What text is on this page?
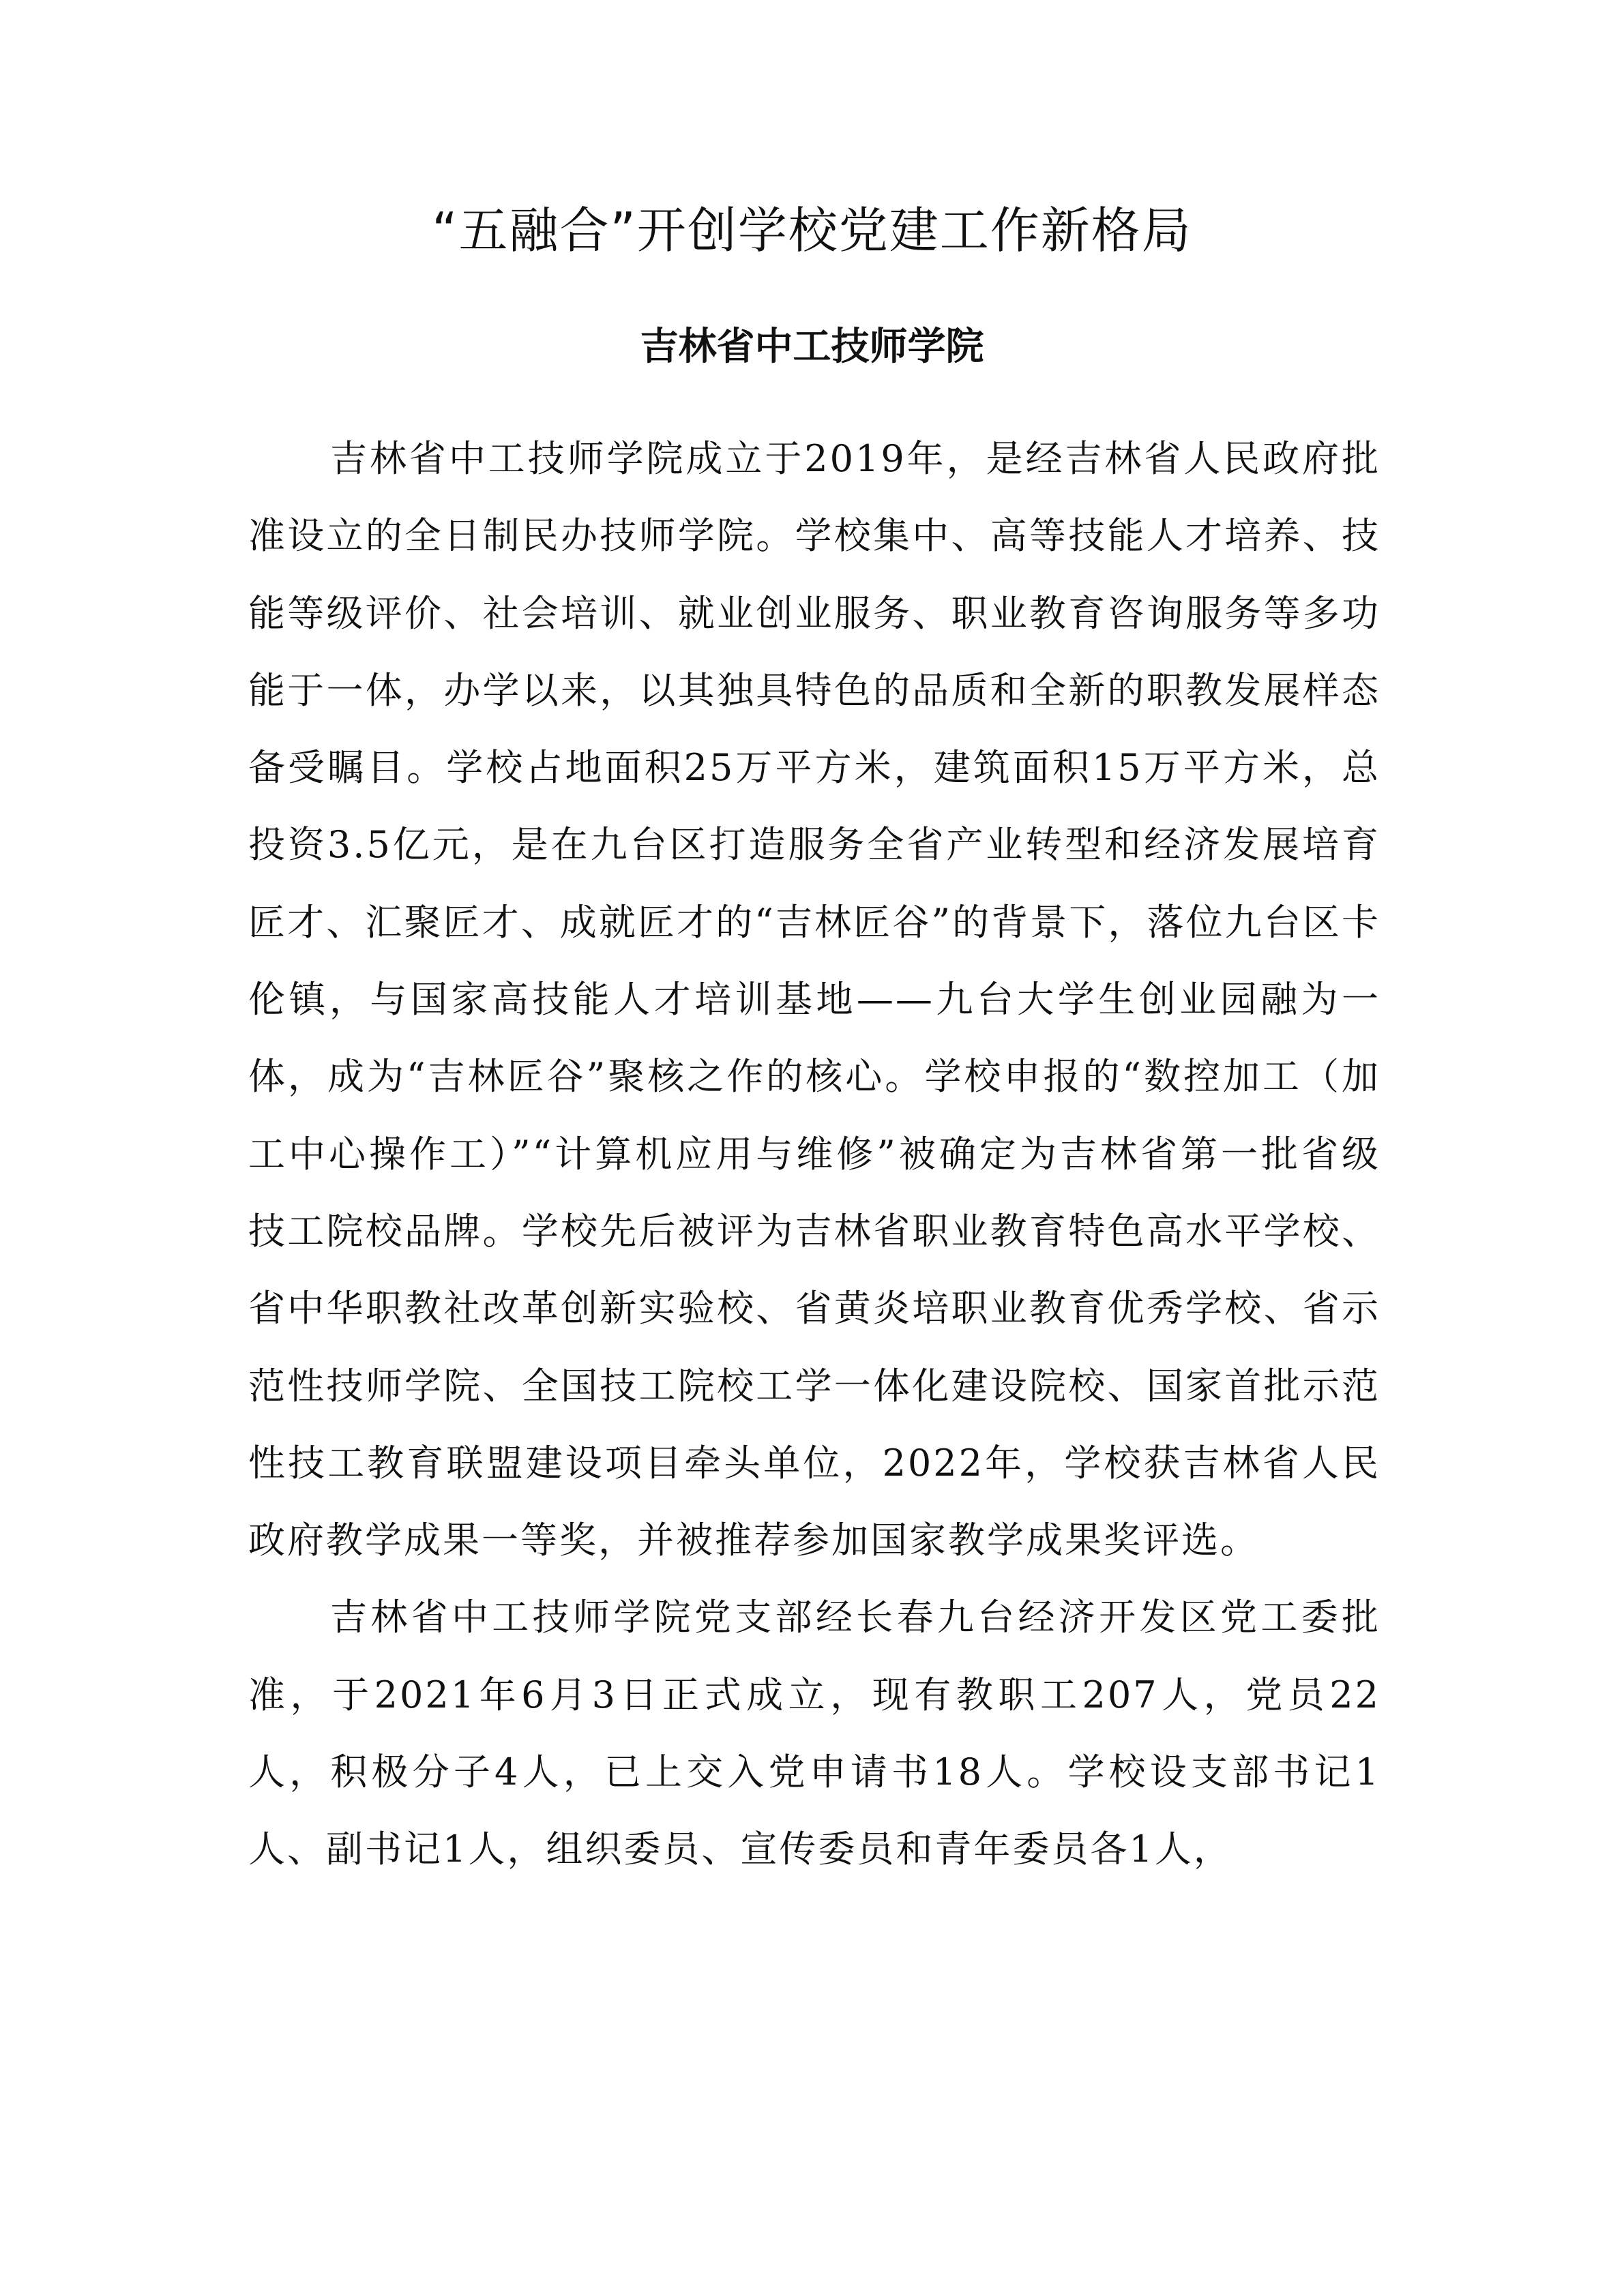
“五融合”开创学校党建工作新格局
吉林省中工技师学院

吉林省中工技师学院成立于2019年，是经吉林省人民政府批准设立的全日制民办技师学院。学校集中、高等技能人才培养、技能等级评价、社会培训、就业创业服务、职业教育咨询服务等多功能于一体，办学以来，以其独具特色的品质和全新的职教发展样态备受瞩目。学校占地面积25万平方米，建筑面积15万平方米，总投资3.5亿元，是在九台区打造服务全省产业转型和经济发展培育匠才、汇聚匠才、成就匠才的“吉林匠谷”的背景下，落位九台区卡伦镇，与国家高技能人才培训基地——九台大学生创业园融为一体，成为“吉林匠谷”聚核之作的核心。学校申报的“数控加工（加工中心操作工）”“计算机应用与维修”被确定为吉林省第一批省级技工院校品牌。学校先后被评为吉林省职业教育特色高水平学校、省中华职教社改革创新实验校、省黄炎培职业教育优秀学校、省示范性技师学院、全国技工院校工学一体化建设院校、国家首批示范性技工教育联盟建设项目牵头单位，2022年，学校获吉林省人民政府教学成果一等奖，并被推荐参加国家教学成果奖评选。

吉林省中工技师学院党支部经长春九台经济开发区党工委批准，于2021年6月3日正式成立，现有教职工207人，党员22人，积极分子4人，已上交入党申请书18人。学校设支部书记1人、副书记1人，组织委员、宣传委员和青年委员各1人，
